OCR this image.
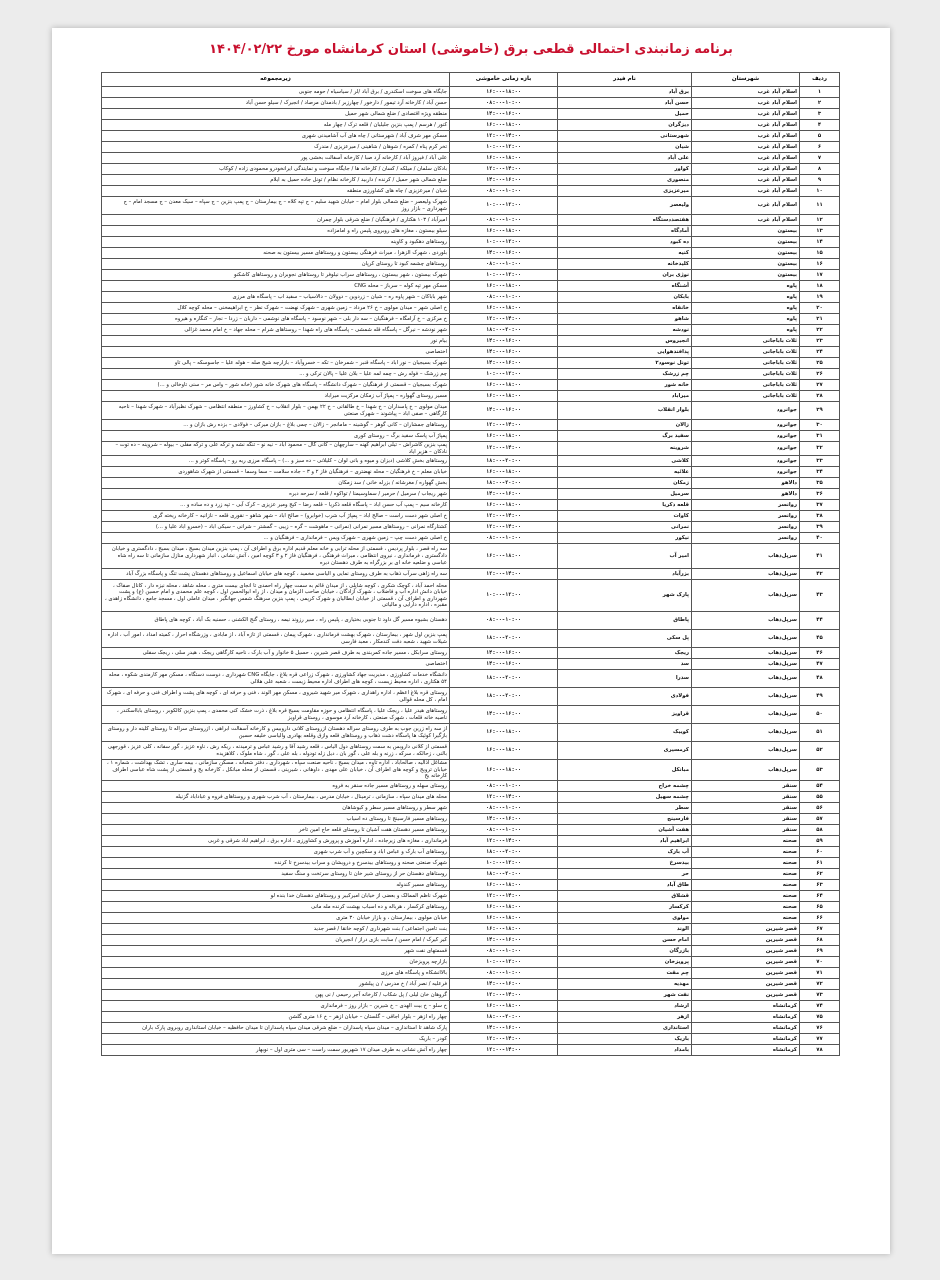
برنامه زمانبندی احتمالی قطعی برق (خاموشی) استان کرمانشاه مورخ ۱۴۰۴/۰۲/۲۲
ردیف	شهرستان	نام فیدر	بازه زمانی خاموشی	زیرمجموعه
۱	اسلام آباد غرب	برق آباد	۱۶:۰۰-۱۸:۰۰	جایگاه های سوخت اسکندری / برق آباد /لر / سیاسیاه / حومه جنوبی
۲	اسلام آباد غرب	حسن آباد	۰۸:۰۰-۱۰:۰۰	حسن آباد / کارخانه آرد تیمور / دارخور / چهارزبر / بادمدان مرصاد / انجیرک / سیلو حسن آباد
۳	اسلام آباد غرب	حمیل	۱۴:۰۰-۱۶:۰۰	منطقه ویژه اقتصادی / ضلع شمالی شهر حمیل
۴	اسلام آباد غرب	دیزگران	۱۶:۰۰-۱۸:۰۰	کنور / هرسم / پمپ بنزین جلیلیان / قلعه ترک / چهار مله
۵	اسلام آباد غرب	شهرستانی	۱۲:۰۰-۱۴:۰۰	مسکن مهر شرف آباد / شهرستانی / چاه های آب آشامیدنی شهری
۶	اسلام آباد غرب	شیان	۱۰:۰۰-۱۲:۰۰	تخر کرم پناه / کمره / شوهان / شاهینی / میرعزیزی / مندرک
۷	اسلام آباد غرب	علی آباد	۱۶:۰۰-۱۸:۰۰	علی آباد / فیروز آباد / کارخانه آرد صبا / کارخانه آسفالت بخشی پور
۸	اسلام آباد غرب	کواور	۱۲:۰۰-۱۴:۰۰	بادکان سلمان / میلکه / کسان / کارخانه ها / جایگاه سوخت و نمایندگی ایرانخودرو محمودی زاده / کوکاب
۹	اسلام آباد غرب	منصوری	۱۴:۰۰-۱۶:۰۰	ضلع شمالی شهر حمیل / کرنده / داربید / کارخانه نظام / تونل جاده حمیل به ایلام
۱۰	اسلام آباد غرب	میرعزیزی	۰۸:۰۰-۱۰:۰۰	شیان / میرعزیزی / چاه های کشاورزی منطقه
۱۱	اسلام آباد غرب	ولیعصر	۱۰:۰۰-۱۲:۰۰	شهرک ولیعصر – ضلع شمالی بلوار امام – خیابان شهید سلیم – ج تپه کلاه – ج بیمارستان – ج پمپ بنزین – ج سپاه – سیک معدن – ج مسجد امام – ج شهرداری – بازار روز
۱۲	اسلام آباد غرب	هفتصددستگاه	۰۸:۰۰-۱۰:۰۰	امیرآباد / ۱۰۳ هکتاری / فرهنگیان / ضلع شرقی بلوار چمران
۱۳	بیستون	آمادگاه	۱۶:۰۰-۱۸:۰۰	سیلو بیستون ، مغازه های روبروی پلیس راه و امامزاده
۱۴	بیستون	ده کبود	۱۰:۰۰-۱۲:۰۰	روستاهای دهکبود و کاوینه
۱۵	بیستون	کنیه	۱۴:۰۰-۱۶:۰۰	بلوردی ، شهرک الزهرا ، میراث فرهنگی بیستون و روستاهای مسیر بیستون به صحنه
۱۶	بیستون	کلیدخانه	۰۸:۰۰-۱۰:۰۰	روستاهای چشمه کبود تا روستای کرپان
۱۷	بیستون	نوژی بران	۱۰:۰۰-۱۲:۰۰	شهرک بیستون ، شهر بیستون ، روستاهای سراب نیلوفر تا روستاهای نجوبران و روستاهای کاشکنو
۱۸	پاوه	آشنگاه	۱۶:۰۰-۱۸:۰۰	مسکن مهر تپه کوله – سرباز – محله CNG
۱۹	پاوه	بابکان	۰۸:۰۰-۱۰:۰۰	شهر باباکان – شهر پاوه ره – شیان – زردوین – دوولان – دالاسیاب – سفید اب – پاسگاه های مرزی
۲۰	پاوه	خانقاه	۱۶:۰۰-۱۸:۰۰	خ اصلی شهر – میدان مولوی – خ ۲۶ مرداد – زمین شهری – شهرک نهضت – شهرک نظر – خ ابراهیمخنی – محله کوچه کلال
۲۱	پاوه	شاهو	۱۲:۰۰-۱۴:۰۰	خ مرکزی – خ آرامگاه – فرهنگیان – سه دار بلی – شهر نوسود – پاسگاه های نوشمی – داریان – زردا – نجار – کنگاره و هیروه
۲۲	پاوه	نودشه	۱۸:۰۰-۲۰:۰۰	شهر نودشه – نیرگل – پاسگاه قله شمشی – پاسگاه های راه شهدا – روستاهای شرام – محله جهاد – خ امام محمد غزالی
۲۳	ثلاث باباجانی	انجیروس	۱۴:۰۰-۱۶:۰۰	بیام نور
۲۴	ثلاث باباجانی	پدافندهوایی	۱۴:۰۰-۱۶:۰۰	اختصاصی
۲۵	ثلاث باباجانی	تونل نوسود۲	۱۴:۰۰-۱۶:۰۰	شهرک بسیجیان – نور اباد – پاسگاه قنبر – شمرخان – تکه – خسروآباد – بازارچه شیخ صله – هوله علیا – جاسوسکه – پالی تاو
۲۶	ثلاث باباجانی	چم زرشک	۱۰:۰۰-۱۲:۰۰	چم زرشک – فوله رش – چمه لمه علیا – بلان علیا – پالان ترکی و ...
۲۷	ثلاث باباجانی	خانه شور	۱۶:۰۰-۱۸:۰۰	شهرک بسیجیان – قسمتی از فرهنگیان – شهرک دانشگاه – پاسگاه های شهرک خانه شور (خانه شور – واس مر – سنی تاوخالی و ...)
۲۸	ثلاث باباجانی	میراباد	۱۶:۰۰-۱۸:۰۰	مسیر روستای گهواره – پمپاژ آب زمکان مرکزیت میراباد
۲۹	جوانرود	بلوار انقلاب	۱۴:۰۰-۱۶:۰۰	میدان مولوی – خ پاسداران – خ شهدا – خ طالقانی – خ ۲۲ بهمن – بلوار انقلاب – خ کشاورز – منطقه انتظامی – شهرک نظیرآباد – شهرک شهدا – ناحیه کارگاهی – صفی اباد – پیاشوند – شهرک صنعتی
۳۰	جوانرود	زالان	۱۲:۰۰-۱۴:۰۰	روستاهای جمشاران – کانی گوهر – گوشینه – مامانجر – زالان – چمی بلاغ – بازان میرکی – فولادی – بزده رش بازان و ...
۳۱	جوانرود	سفید برگ	۱۶:۰۰-۱۸:۰۰	پمپاژ آب پاسک سفید برگ – روستای کوری
۳۲	جوانرود	شروینه	۱۲:۰۰-۱۴:۰۰	پمپ بنزین کاشراش – تیلی ابراهیم کهنه – سارچهان – کانی گال – محمود اباد – نیه نو – تنگه نشه و ترکه علی و ترکه مفلی – بیوله – شروینه – ده توت – نادکان – هزیر ایاد
۳۳	جوانرود	کلاشی	۱۸:۰۰-۲۰:۰۰	روستاهای بخش کلاشی (دیزان و میوه و بانی لوان – کلیلانی – ده سیز و ...) – پاسگاه مرزی ریه رو – پاسگاه کوتر و ...
۳۴	جوانرود	علائیه	۱۶:۰۰-۱۸:۰۰	خیابان معلم – خ فرهنگیان – محله نهضتری – فرهنگیان فاز ۲ و ۳ – جاده سلامت – سما وسما – قسمتی از شهرک شاهوردی
۳۵	دالاهو	زمکان	۱۸:۰۰-۲۰:۰۰	بخش گهواره / مغرشانه / بزرله خانی / سد زمکان
۳۶	دالاهو	سرمیل	۱۴:۰۰-۱۶:۰۰	شهر ریجاب / سرمیل / حرمیر / سماوسیمنا / تواکوه / قلعه / سرحه دیره
۳۷	روانسر	قلعه ذکریا	۱۶:۰۰-۱۸:۰۰	کارخانه سیم – پمپ آب حسن اباد – پاسگاه قلعه ذکریا – قلعه رضا – کیج ومیر عزیزی – کرک آبی – تپه زرد و ده ساده و ...
۳۸	روانسر	کاوات	۱۲:۰۰-۱۴:۰۰	خ اصلی شهر دست راست – صالح اباد – پمپاژ آب شرب (خوابرو) – صالح اباد – شهر شاهو – نقوری قلعه – نازانیه – کارخانه ریخته گری
۳۹	روانسر	نمرانی	۱۲:۰۰-۱۴:۰۰	کشتارگاه نمرانی – روستاهای مسیر نمرانی (نمرانی – ماهوشت – گره – زیبی – گمشتر – شرانی – سیکی اباد – (خسرو اباد علیا و ...)
۴۰	روانسر	نیکور	۰۸:۰۰-۱۰:۰۰	خ اصلی شهر دست چپ – زمین شهری – شهرک ویس – فرمانداری – فرهنگیان و ...
۴۱	سرپل‌ذهاب	امیر آب	۱۶:۰۰-۱۸:۰۰	سه راه قصر ، بلوار پردیس ، قسمتی از محله ترابی و خانه معلم قدیم اداره برق و اطراف آن ، پمپ بنزین میدان بسیج ، میدان بسیج ، دادگستری و خیابان دادگستری ، فرمانداری ، نیروی انتظامی ، میراث فرهنگی ، فرهنگیان فاز ۲ و ۳ کوچه امین ، آتش نشانی ، انبار شهرداری منازل سازمانی تا سه راه شاه عباسی و ضلعیه خانه ای بر بزرگراه به طرف دهستان دیره
۴۲	سرپل‌ذهاب	بزرآباد	۱۲:۰۰-۱۴:۰۰	سه راه زاهی سرآب ذهاب به طرف روستای نمایی و الیاسی مخمید ، کوچه های خیابان اسماعیل و روستاهای دهستان پشت تنگ و پاسگاه بزرگ آباد
۴۳	سرپل‌ذهاب	پارک شهر	۱۰:۰۰-۱۲:۰۰	محله احمد آباد ، کوچک شکری ، کوچه شاپلی ، از میدان قائم به سمت چهار راه احمدی تا انجای بیست متری ، محله شاهد ، محله نیزه دار ، کانال صفاک ، خیابان دانش اداره آب و فاضلاب ، شهرک آزادگان ، خیابان صاحب الزمان و میدان ، از راه ابوالحسن اول ، کوچه علم محمدی و امام حسین (ع) و پشت شهرداری و اطراف آن ، قسمتی از خیابان ابطالیان و شهرک کریمی ، پمپ بنزین سرهنگ شمس جهانگیر ، میدان عاملی اول ، مسجد جامع ، دانشگاه زاهدی ، مقبره ، اداره دارایی و مالیاتی
۴۴	سرپل‌ذهاب	پاطاق	۰۸:۰۰-۱۰:۰۰	دهستان بشیوه مسیر گل داود تا جنوبی بختیاری ، پلیس راه ، سیر رزوند نیمه ، روستای گنج الکشنی ، حسنیه بک آباد ، کوچه های پاطاق
۴۵	سرپل‌ذهاب	پل سکی	۱۸:۰۰-۲۰:۰۰	پمپ بنزین اول شهر ، بیمارستان ، شهرک بهشت فرمانداری ، شهرک پیمان ، قسمتی از تازه آباد ، از مابادی ، وزرشگاه احرار ، کمیته امداد ، امور آب ، اداره شیلات شهید ، شعبه دفت کندمکار ، معبد فارسی
۴۶	سرپل‌ذهاب	ریجک	۱۴:۰۰-۱۶:۰۰	روستای سرابکل ، مسیر جاده کمربندی به طرف قصر شیرین ، حسیل ۵ خانوار و آب بارک ، ناحیه کارگاهی ریجک ، هیدر سلی ، ریجک سفلی
۴۷	سرپل‌ذهاب	سد	۱۴:۰۰-۱۶:۰۰	اختصاصی
۴۸	سرپل‌ذهاب	سدرا	۱۸:۰۰-۲۰:۰۰	دانشگاه خدمات کشاورزی ، مدیریت جهاد کشاورزی ، شهرک زراعی قره بلاغ ، جایگاه CNG شهرداری ، دوست دستگاه ، مسکن مهر کارمندی شکوه ، محله ۵۴ هکتاری ، اداره محیط زیست ، کوچه های اطراف اداره محیط زیست ، شعبه علی هلالی
۴۹	سرپل‌ذهاب	فولادی	۱۸:۰۰-۲۰:۰۰	روستای قره بلاغ اعظم ، اداره راهداری ، شهرک میر شهید شیروی ، مسکن مهر الوند ، فنی و حرفه ای ، کوچه های پشت و اطراف فنی و حرفه ای ، شهرک امام ، کل محله قوالی
۵۰	سرپل‌ذهاب	قراویز	۱۴:۰۰-۱۶:۰۰	روستاهای هیدر علیا ، ریجک علیا ، پاسگاه انتظامی و حوزه مقاومت بسیج قره بلاغ ، ذرت خشک کنی محمدی ، پمپ بنزین کالکوبر ، روستای بابااسکندر ، ناصیه خانه قلعات ، شهرک صنعتی ، کارخانه آرد موسوی ، روستای قراویز
۵۱	سرپل‌ذهاب	کوییک	۱۶:۰۰-۱۸:۰۰	از سه راه زرین جوب به طرف روستای سراله دهستان ازروستای کلانی داروبیس و کارخانه آسفالت ابراهی ، ازروستای سراله تا روستای کلینه دار و روستای بازگیرا کوئیک ها پاسگاه دشت ذهاب و روستاهای قلعه وازق وقلعه بهادری والیاسی خلیفه حسین
۵۲	سرپل‌ذهاب	کرمسیری	۱۶:۰۰-۱۸:۰۰	قسمتی از کلانی داروبس به سمت روستاهای دول الیاس ، قلعه رشید آقا و رشید عباس و ترمیدنه ، ریکه رش ، ناوه عزیز ، گور سفانه ، کلی عزیز ، قورجهی بالنی ، زحالکه ، سرکه ، زرنه و بله علی ، گور بان ، دیل زله تودوله ، بله علی ، گور ، شاه ملوک ، کلاهزیده
۵۳	سرپل‌ذهاب	مبانکل	۱۶:۰۰-۱۸:۰۰	مشاغل آذالیه ، صالحاباد ، اداره تاوه ، میدان بسیج ، ناحیه صنعت سپاه ، شهرداری ، دفتر شعبانه ، مسکن سازمانی ، بیمه ساری ، تشک بهداشت ، شماره ۱ ، خیابان ترویج و کوچه های اطراف آن ، خیابان علی مهدی ، داوهانی ، شیرینی ، قسمتی از محله مبانکل ، کارخانه یخ و قسمتی از پشت شاه عباسی اطراف کارخانه یخ
۵۴	سنقر	چشمه خراج	۰۸:۰۰-۱۰:۰۰	روستای سهله و روستاهای مسیر جاده سنقر به فروه
۵۵	سنقر	چشمه سهیل	۱۲:۰۰-۱۴:۰۰	محله های میدان سپاه ، سازمانی ، ترمینال ، خیابان مدرس ، بیمارستان ، آب شرب شهری و روستاهای فروه و عباداباد گزنیله
۵۶	سنقر	سطر	۰۸:۰۰-۱۰:۰۰	شهر سطر و روستاهای مسیر سطر و کیوشاهان
۵۷	سنقر	فارسینج	۱۴:۰۰-۱۶:۰۰	روستاهای مسیر فارسینج تا روستای ده اسیاب
۵۸	سنقر	هفت آشیان	۰۸:۰۰-۱۰:۰۰	روستاهای مسیر دهستان هفت آشیان تا روستای قلعه حاج امین تاخر
۵۹	صحنه	ابراهیم آباد	۱۲:۰۰-۱۴:۰۰	فرمانداری ، مغازه های زیرجاده ، اداره آموزش و پرورش و کشاورزی ، اداره برق ، ابراهیم اباد شرقی و غربی
۶۰	صحنه	آب بارک	۱۸:۰۰-۲۰:۰۰	روستاهای آب بارک و عباس اباد و سکچین و آب شرب شهری
۶۱	صحنه	بیدسرخ	۱۰:۰۰-۱۲:۰۰	شهرک صنعتی صحنه و روستاهای بیدسرخ و درویشان و سراب بیدسرخ تا کرنده
۶۲	صحنه	حر	۱۸:۰۰-۲۰:۰۰	روستاهای دهستان حر از روستای شیر خان تا روستای سرتخت و سنگ سفید
۶۳	صحنه	طاق آباد	۱۶:۰۰-۱۸:۰۰	روستاهای مسیر کندوله
۶۴	صحنه	قشلاق	۱۲:۰۰-۱۴:۰۰	شهرک ناظم الممالک و بعضی از خیابان امیرکبیر و روستاهای دهستان خدا بنده لو
۶۵	صحنه	کرکسار	۱۶:۰۰-۱۸:۰۰	روستاهای کرکسار ، هرباله و ده اسباب بهشت کرنده مله مانی
۶۶	صحنه	مولوی	۱۶:۰۰-۱۸:۰۰	خیابان مولوی ، بیمارستان ، و بازار خیابان ۳۰ متری
۶۷	قصر شیرین	الوند	۱۶:۰۰-۱۸:۰۰	بنت تامین اجتماعی / بنت شهرداری / کوچه خانقا / قصر جدید
۶۸	قصر شیرین	امام حسن	۱۴:۰۰-۱۶:۰۰	کیر کیرک / امام حسن / سابت بازی دراز / انجیریان
۶۹	قصر شیرین	بازرگان	۰۸:۰۰-۱۰:۰۰	قسمتهای نفت شهر
۷۰	قصر شیرین	پرویزخان	۱۰:۰۰-۱۲:۰۰	بازارچه پرویزخان
۷۱	قصر شیرین	چم مقت	۰۸:۰۰-۱۰:۰۰	بالاانشکاه و پاسگاه های مرزی
۷۲	قصر شیرین	مهدیه	۱۴:۰۰-۱۶:۰۰	فرعلیه / نصر آباد / خ مدرس / ن پیلشور
۷۳	قصر شیرین	نفت شهر	۱۲:۰۰-۱۴:۰۰	گروهان خان لیلی / پل شکاب / کارخانه آجر رحیمی / نی پهن
۷۴	کرمانشاه	ارشاد	۱۶:۰۰-۱۸:۰۰	خ سلو – خ بیت الهدی – خ شیرین – بازار روز – فرمانداری
۷۵	کرمانشاه	ازهر	۱۸:۰۰-۲۰:۰۰	چهار راه ازهر – بلوار اجاقی – گلستان – خیابان ازهر – خ ۱۶ متری گلشن
۷۶	کرمانشاه	استانداری	۱۴:۰۰-۱۶:۰۰	پارک شاهد تا استانداری – میدان سپاه پاسداران – ضلع شرقی میدان سپاه پاسداران تا میدان حافظیه – خیابان استانداری روبروی پارک باران
۷۷	کرمانشاه	باریک	۱۲:۰۰-۱۴:۰۰	کودر – باریک
۷۸	کرمانشاه	بامداد	۱۲:۰۰-۱۴:۰۰	چهار راه آتش نشانی به طرف میدان ۱۷ شهریور سمت راست – سی متری اول – نوبهار
